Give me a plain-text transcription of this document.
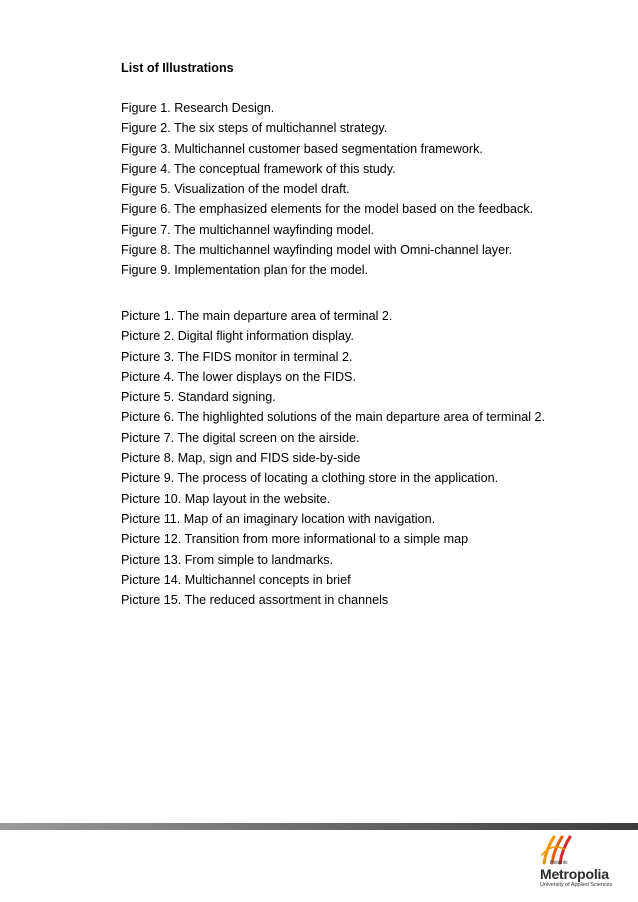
List of Illustrations
Figure 1. Research Design.
Figure 2. The six steps of multichannel strategy.
Figure 3. Multichannel customer based segmentation framework.
Figure 4. The conceptual framework of this study.
Figure 5. Visualization of the model draft.
Figure 6. The emphasized elements for the model based on the feedback.
Figure 7. The multichannel wayfinding model.
Figure 8. The multichannel wayfinding model with Omni-channel layer.
Figure 9. Implementation plan for the model.
Picture 1. The main departure area of terminal 2.
Picture 2. Digital flight information display.
Picture 3. The FIDS monitor in terminal 2.
Picture 4. The lower displays on the FIDS.
Picture 5. Standard signing.
Picture 6. The highlighted solutions of the main departure area of terminal 2.
Picture 7. The digital screen on the airside.
Picture 8. Map, sign and FIDS side-by-side
Picture 9. The process of locating a clothing store in the application.
Picture 10. Map layout in the website.
Picture 11. Map of an imaginary location with navigation.
Picture 12. Transition from more informational to a simple map
Picture 13. From simple to landmarks.
Picture 14. Multichannel concepts in brief
Picture 15. The reduced assortment in channels
Helsinki
Metropolia
University of Applied Sciences
